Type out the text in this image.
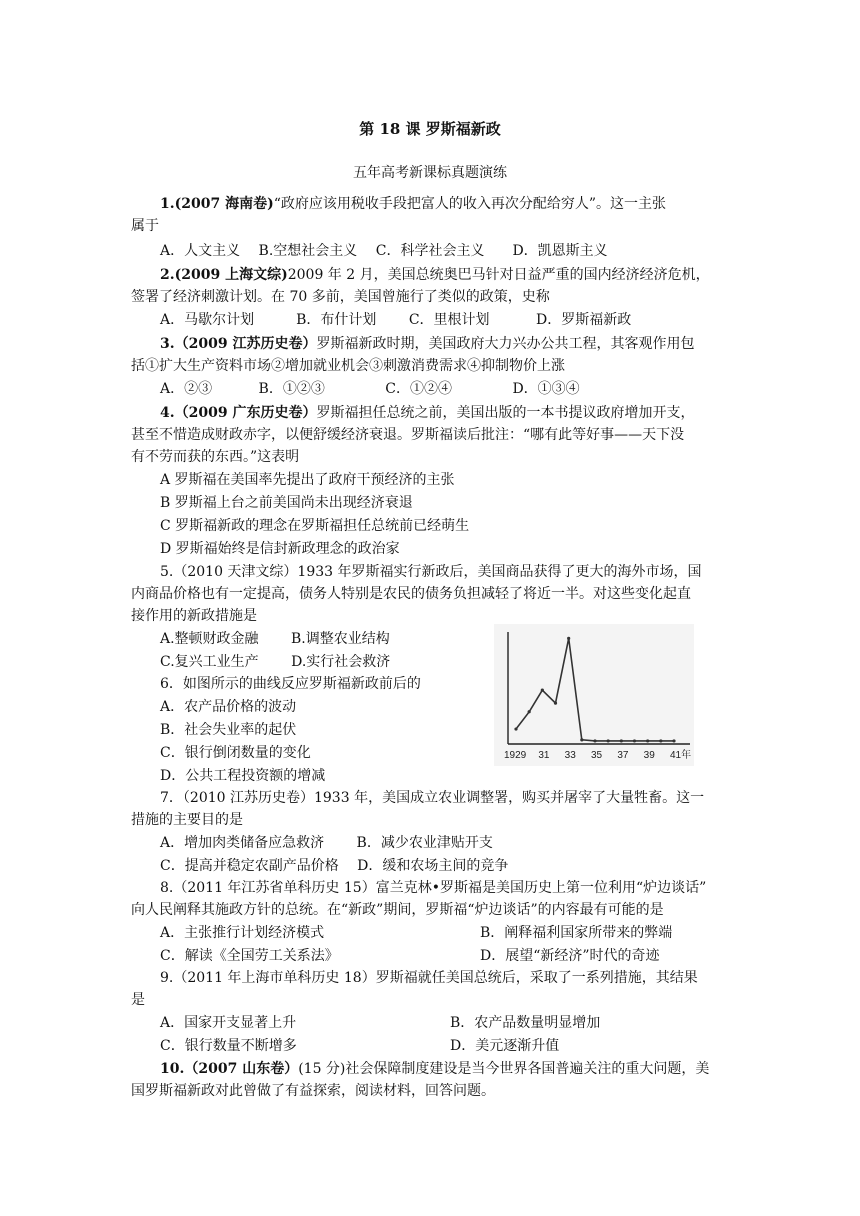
第 18 课 罗斯福新政
五年高考新课标真题演练
1.(2007 海南卷)“政府应该用税收手段把富人的收入再次分配给穷人”。这一主张
属于
A．人文主义　 B.空想社会主义　 C．科学社会主义　　D．凯恩斯主义
2.(2009 上海文综)2009 年 2 月，美国总统奥巴马针对日益严重的国内经济经济危机，
签署了经济刺激计划。在 70 多前，美国曾施行了类似的政策，史称
A．马歇尔计划　　　B．布什计划　　 C．里根计划　　　 D．罗斯福新政
3.（2009 江苏历史卷）罗斯福新政时期，美国政府大力兴办公共工程，其客观作用包
括①扩大生产资料市场②增加就业机会③刺激消费需求④抑制物价上涨
A．②③　　　 B．①②③　　　　 C．①②④　　　　 D．①③④
4.（2009 广东历史卷）罗斯福担任总统之前，美国出版的一本书提议政府增加开支，
甚至不惜造成财政赤字，以便舒缓经济衰退。罗斯福读后批注：“哪有此等好事——天下没
有不劳而获的东西。”这表明
A 罗斯福在美国率先提出了政府干预经济的主张
B 罗斯福上台之前美国尚未出现经济衰退
C 罗斯福新政的理念在罗斯福担任总统前已经萌生
D 罗斯福始终是信封新政理念的政治家
5.（2010 天津文综）1933 年罗斯福实行新政后，美国商品获得了更大的海外市场，国
内商品价格也有一定提高，债务人特别是农民的债务负担减轻了将近一半。对这些变化起直
接作用的新政措施是
A.整顿财政金融　　 B.调整农业结构
C.复兴工业生产　　 D.实行社会救济
6．如图所示的曲线反应罗斯福新政前后的
A．农产品价格的波动
B．社会失业率的起伏
C．银行倒闭数量的变化
D．公共工程投资额的增减
1929 31 33 35 37 39 41年
7．（2010 江苏历史卷）1933 年，美国成立农业调整署，购买并屠宰了大量牲畜。这一
措施的主要目的是
A．增加肉类储备应急救济　　 B．减少农业津贴开支
C．提高并稳定农副产品价格　 D．缓和农场主间的竞争
8.（2011 年江苏省单科历史 15）富兰克林•罗斯福是美国历史上第一位利用“炉边谈话”
向人民阐释其施政方针的总统。在“新政”期间，罗斯福“炉边谈话”的内容最有可能的是
A．主张推行计划经济模式	B．阐释福利国家所带来的弊端
C．解读《全国劳工关系法》	D．展望“新经济”时代的奇迹
9.（2011 年上海市单科历史 18）罗斯福就任美国总统后，采取了一系列措施，其结果
是
A．国家开支显著上升	B．农产品数量明显增加
C．银行数量不断增多	D．美元逐渐升值
10.（2007 山东卷）(15 分)社会保障制度建设是当今世界各国普遍关注的重大问题，美
国罗斯福新政对此曾做了有益探索，阅读材料，回答问题。
